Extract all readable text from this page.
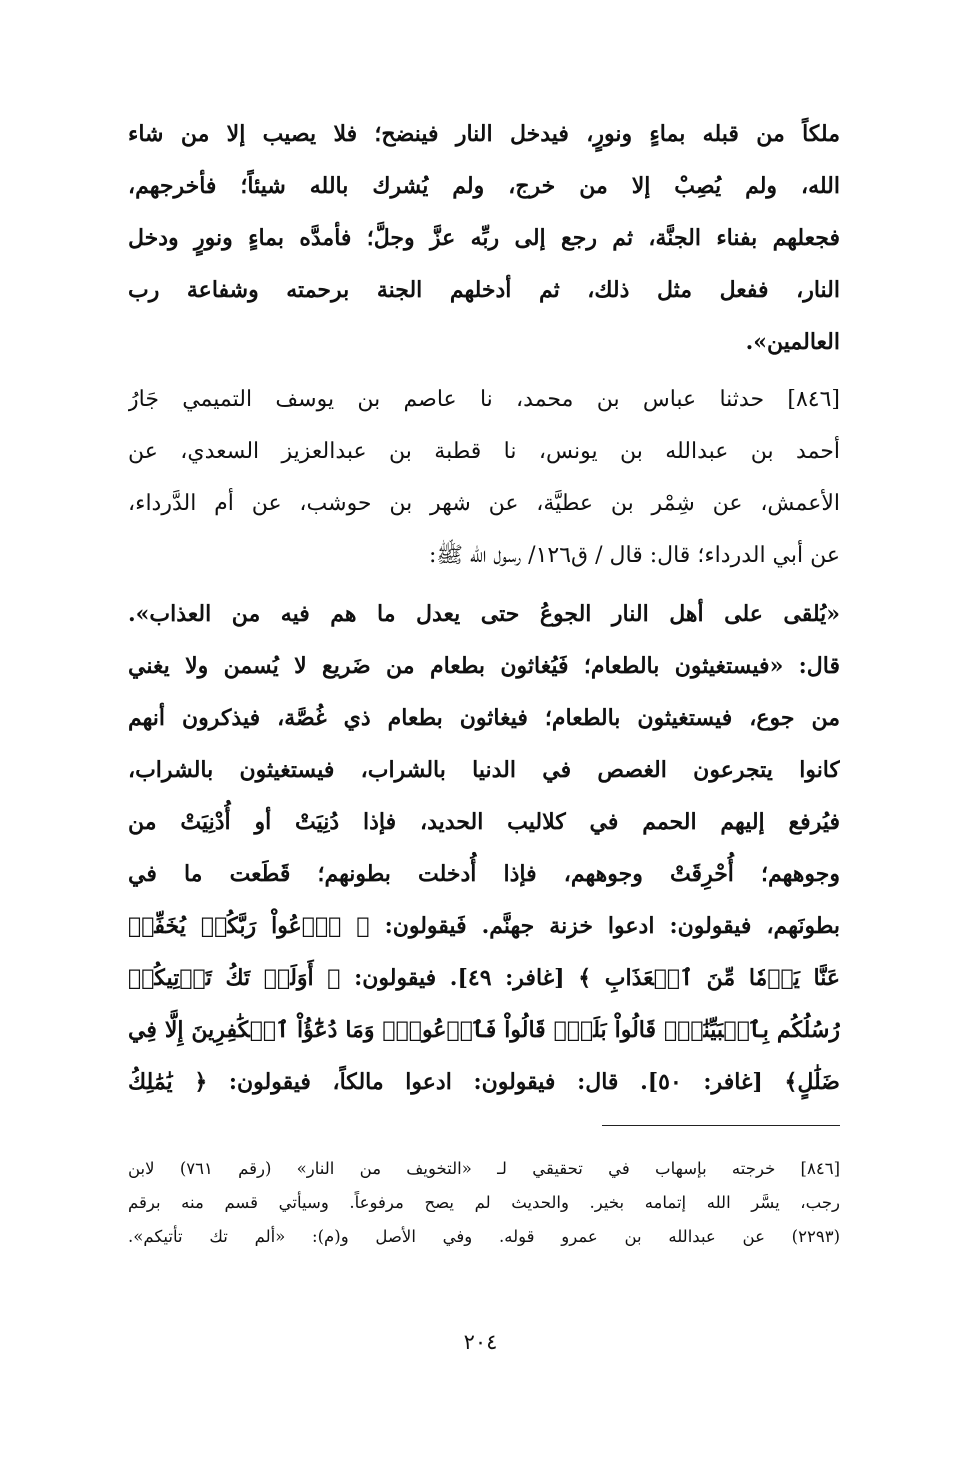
ملكاً من قبله بماءٍ ونورٍ، فيدخل النار فينضح؛ فلا يصيب إلا من شاء
الله، ولم يُصِبْ إلا من خرج، ولم يُشرك بالله شيئاً؛ فأخرجهم،
فجعلهم بفناء الجنَّة، ثم رجع إلى ربِّه عزَّ وجلَّ؛ فأمدَّه بماءٍ ونورٍ ودخل
النار، ففعل مثل ذلك، ثم أدخلهم الجنة برحمته وشفاعة رب
العالمين».
[٨٤٦] حدثنا عباس بن محمد، نا عاصم بن يوسف التميمي جَارُ
أحمد بن عبدالله بن يونس، نا قطبة بن عبدالعزيز السعدي، عن
الأعمش، عن شِمْر بن عطيَّة، عن شهر بن حوشب، عن أم الدَّرداء،
عن أبي الدرداء؛ قال: قال / ق١٢٦/ رسول الله ﷺ:
«يُلقى على أهل النار الجوعُ حتى يعدل ما هم فيه من العذاب».
قال: «فيستغيثون بالطعام؛ فَيُغاثون بطعام من ضَريع لا يُسمن ولا يغني
من جوع، فيستغيثون بالطعام؛ فيغاثون بطعام ذي غُصَّة، فيذكرون أنهم
كانوا يتجرعون الغصص في الدنيا بالشراب، فيستغيثون بالشراب،
فيُرفع إليهم الحمم في كلاليب الحديد، فإذا دُنِيَتْ أو أُدْنِيَتْ من
وجوههم؛ أُحْرِقَتْ وجوههم، فإذا أُدخلت بطونهم؛ قَطَعت ما في
بطونَهم، فيقولون: ادعوا خزنة جهنَّم. فَيقولون: ﴿ ٱدۡعُواْ رَبَّكُمۡ يُخَفِّفۡ
عَنَّا يَوۡمٗا مِّنَ ٱلۡعَذَابِ ﴾ [غافر: ٤٩]. فيقولون: ﴿ أَوَلَمۡ تَكُ تَأۡتِيكُمۡ
رُسُلُكُم بِٱلۡبَيِّنَٰتِۖ قَالُواْ بَلَىٰۚ قَالُواْ فَٱدۡعُواْۗ وَمَا دُعَٰٓؤُاْ ٱلۡكَٰفِرِينَ إِلَّا فِي
ضَلَٰلٍ﴾ [غافر: ٥٠]. قال: فيقولون: ادعوا مالكاً، فيقولون: ﴿ يَٰمَٰلِكُ
[٨٤٦] خرجته بإسهاب في تحقيقي لـ «التخويف من النار» (رقم ٧٦١) لابن
رجب، يسَّر الله إتمامه بخير. والحديث لم يصح مرفوعاً. وسيأتي قسم منه برقم
(٢٢٩٣) عن عبدالله بن عمرو قوله. وفي الأصل و(م): «ألم تك تأتيكم».
٢٠٤
